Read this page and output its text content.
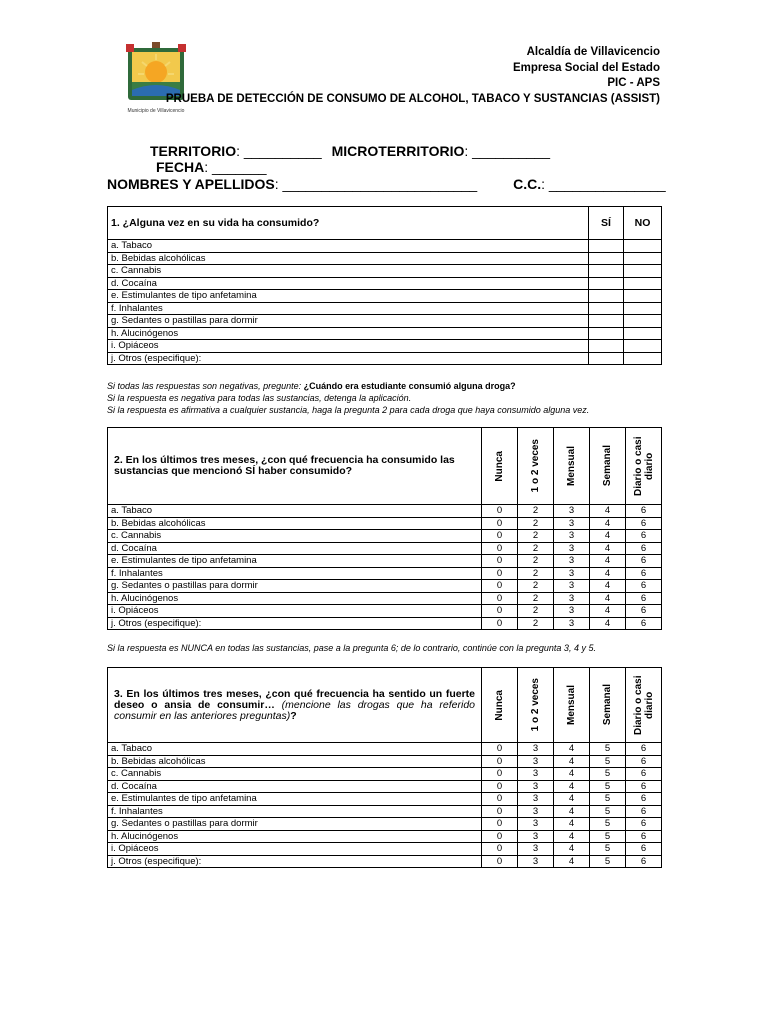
Municipio de Villavicencio
Alcaldía de Villavicencio
Empresa Social del Estado
PIC - APS
PRUEBA DE DETECCIÓN DE CONSUMO DE ALCOHOL, TABACO Y SUSTANCIAS (ASSIST)
TERRITORIO: __________ MICROTERRITORIO: __________ FECHA: _______
NOMBRES Y APELLIDOS: _________________________	C.C.: _______________
1. ¿Alguna vez en su vida ha consumido?	SÍ	NO
a. Tabaco		
b. Bebidas alcohólicas		
c. Cannabis		
d. Cocaína		
e. Estimulantes de tipo anfetamina		
f. Inhalantes		
g. Sedantes o pastillas para dormir		
h. Alucinógenos		
i. Opiáceos		
j. Otros (especifique):		
Si todas las respuestas son negativas, pregunte: ¿Cuándo era estudiante consumió alguna droga?
Si la respuesta es negativa para todas las sustancias, detenga la aplicación.
Si la respuesta es afirmativa a cualquier sustancia, haga la pregunta 2 para cada droga que haya consumido alguna vez.
2. En los últimos tres meses, ¿con qué frecuencia ha consumido las sustancias que mencionó SÍ haber consumido?	Nunca	1 o 2 veces	Mensual	Semanal	Diario o casi diario

a. Tabaco	0	2	3	4	6
b. Bebidas alcohólicas	0	2	3	4	6
c. Cannabis	0	2	3	4	6
d. Cocaína	0	2	3	4	6
e. Estimulantes de tipo anfetamina	0	2	3	4	6
f. Inhalantes	0	2	3	4	6
g. Sedantes o pastillas para dormir	0	2	3	4	6
h. Alucinógenos	0	2	3	4	6
i. Opiáceos	0	2	3	4	6
j. Otros (especifique):	0	2	3	4	6
Si la respuesta es NUNCA en todas las sustancias, pase a la pregunta 6; de lo contrario, continúe con la pregunta 3, 4 y 5.
3. En los últimos tres meses, ¿con qué frecuencia ha sentido un fuerte deseo o ansia de consumir… (mencione las drogas que ha referido consumir en las anteriores preguntas)?	Nunca	1 o 2 veces	Mensual	Semanal	Diario o casi diario

a. Tabaco	0	3	4	5	6
b. Bebidas alcohólicas	0	3	4	5	6
c. Cannabis	0	3	4	5	6
d. Cocaína	0	3	4	5	6
e. Estimulantes de tipo anfetamina	0	3	4	5	6
f. Inhalantes	0	3	4	5	6
g. Sedantes o pastillas para dormir	0	3	4	5	6
h. Alucinógenos	0	3	4	5	6
i. Opiáceos	0	3	4	5	6
j. Otros (especifique):	0	3	4	5	6
